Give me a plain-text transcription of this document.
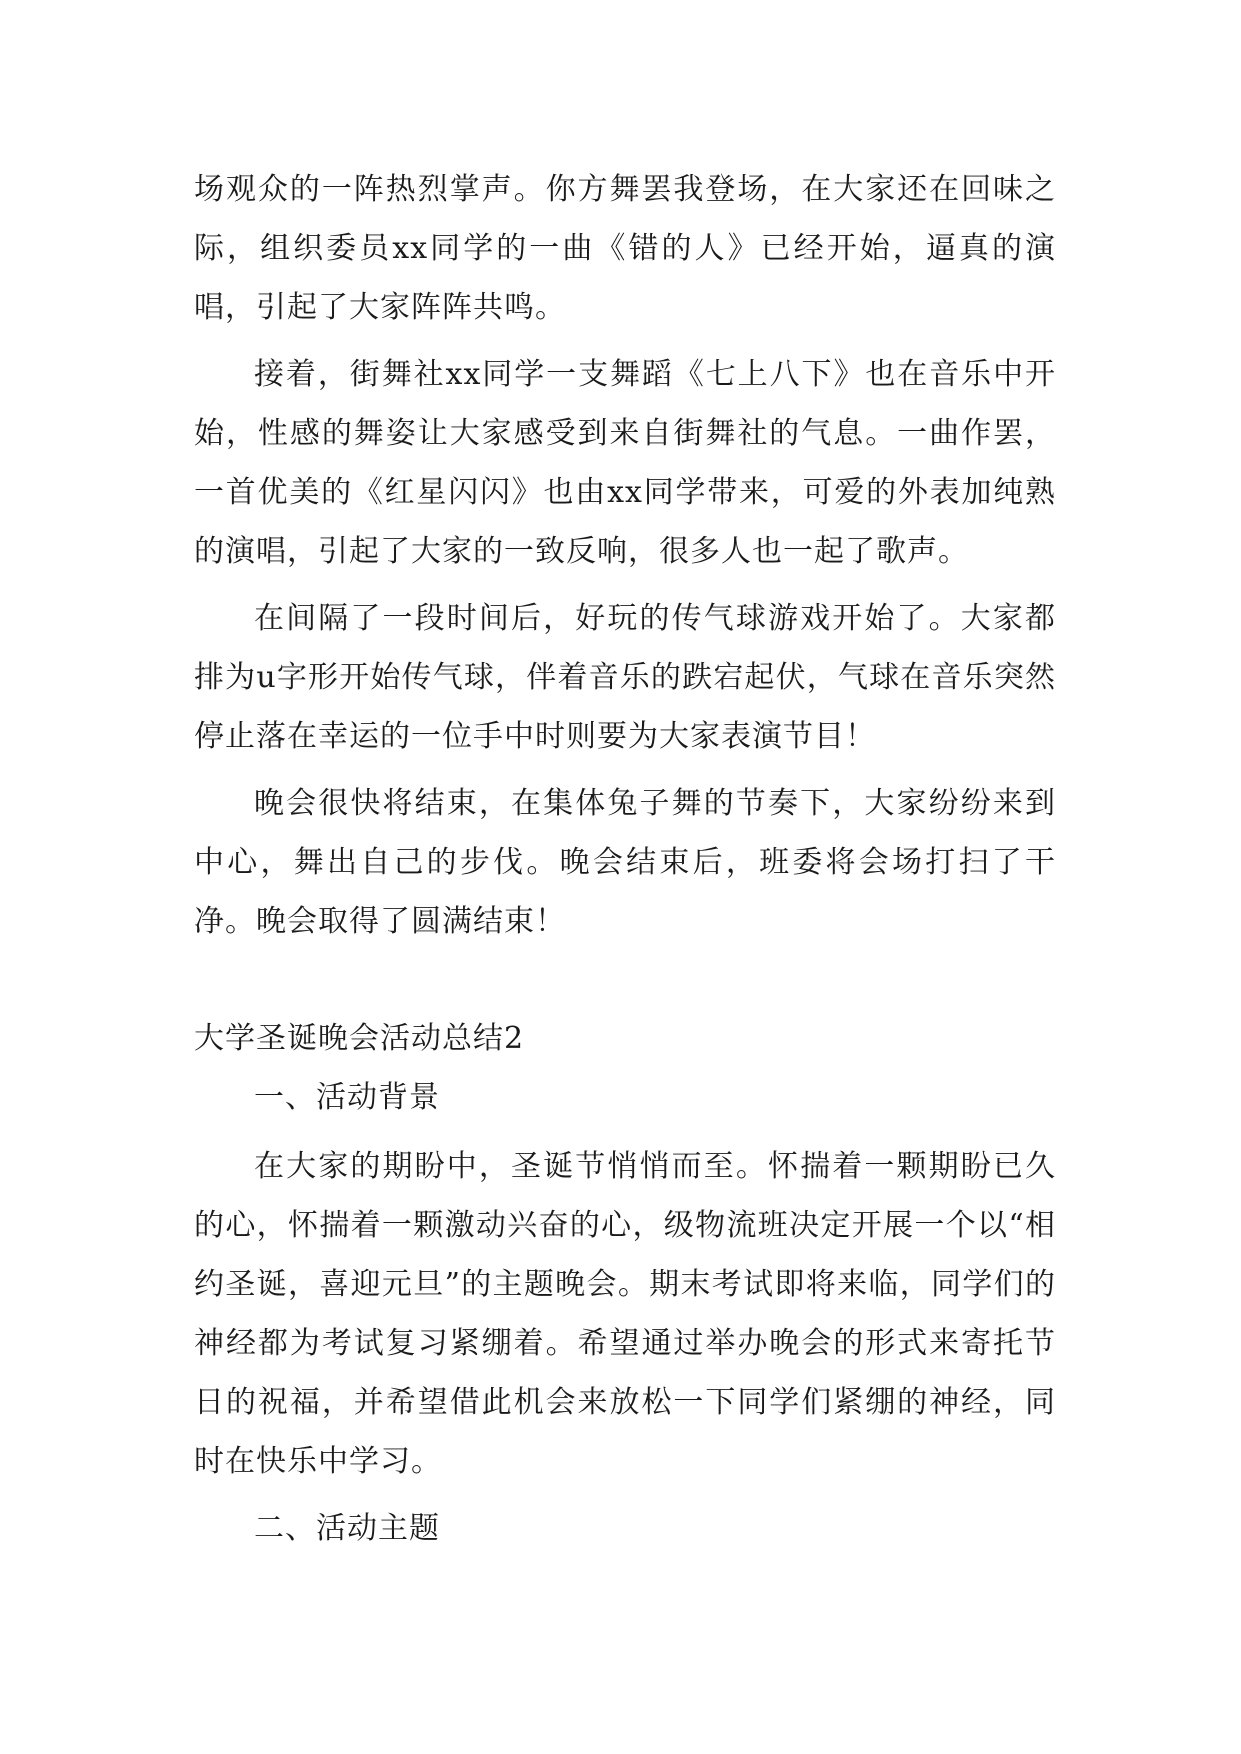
场观众的一阵热烈掌声。你方舞罢我登场，在大家还在回味之际，组织委员xx同学的一曲《错的人》已经开始，逼真的演唱，引起了大家阵阵共鸣。

接着，街舞社xx同学一支舞蹈《七上八下》也在音乐中开始，性感的舞姿让大家感受到来自街舞社的气息。一曲作罢，一首优美的《红星闪闪》也由xx同学带来，可爱的外表加纯熟的演唱，引起了大家的一致反响，很多人也一起了歌声。

在间隔了一段时间后，好玩的传气球游戏开始了。大家都排为u字形开始传气球，伴着音乐的跌宕起伏，气球在音乐突然停止落在幸运的一位手中时则要为大家表演节目！

晚会很快将结束，在集体兔子舞的节奏下，大家纷纷来到中心，舞出自己的步伐。晚会结束后，班委将会场打扫了干净。晚会取得了圆满结束！

大学圣诞晚会活动总结2
一、活动背景

在大家的期盼中，圣诞节悄悄而至。怀揣着一颗期盼已久的心，怀揣着一颗激动兴奋的心，级物流班决定开展一个以“相约圣诞，喜迎元旦”的主题晚会。期末考试即将来临，同学们的神经都为考试复习紧绷着。希望通过举办晚会的形式来寄托节日的祝福，并希望借此机会来放松一下同学们紧绷的神经，同时在快乐中学习。

二、活动主题
